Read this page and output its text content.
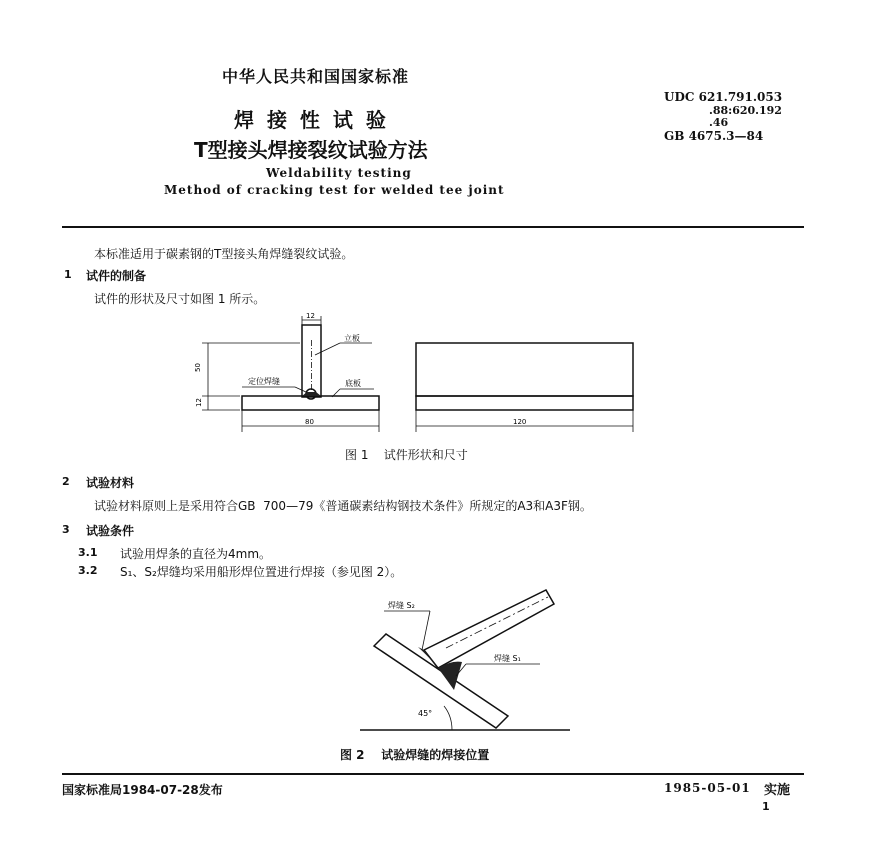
中华人民共和国国家标准
焊 接 性 试 验
T型接头焊接裂纹试验方法
Weldability testing
Method of cracking test for welded tee joint
UDC 621.791.053
.88:620.192
.46
GB 4675.3—84
本标准适用于碳素钢的T型接头角焊缝裂纹试验。
1 试件的制备
试件的形状及尺寸如图 1 所示。
12
50
12
80
立板
定位焊缝	底板
120
图 1    试件形状和尺寸
2 试验材料
试验材料原则上是采用符合GB  700—79《普通碳素结构钢技术条件》所规定的A3和A3F钢。
3 试验条件
3.1 试验用焊条的直径为4mm。
3.2 S₁、S₂焊缝均采用船形焊位置进行焊接（参见图 2）。
焊缝 S₂
焊缝 S₁
45°
图 2    试验焊缝的焊接位置
国家标准局1984-07-28发布	1985-05-01 实施
1
